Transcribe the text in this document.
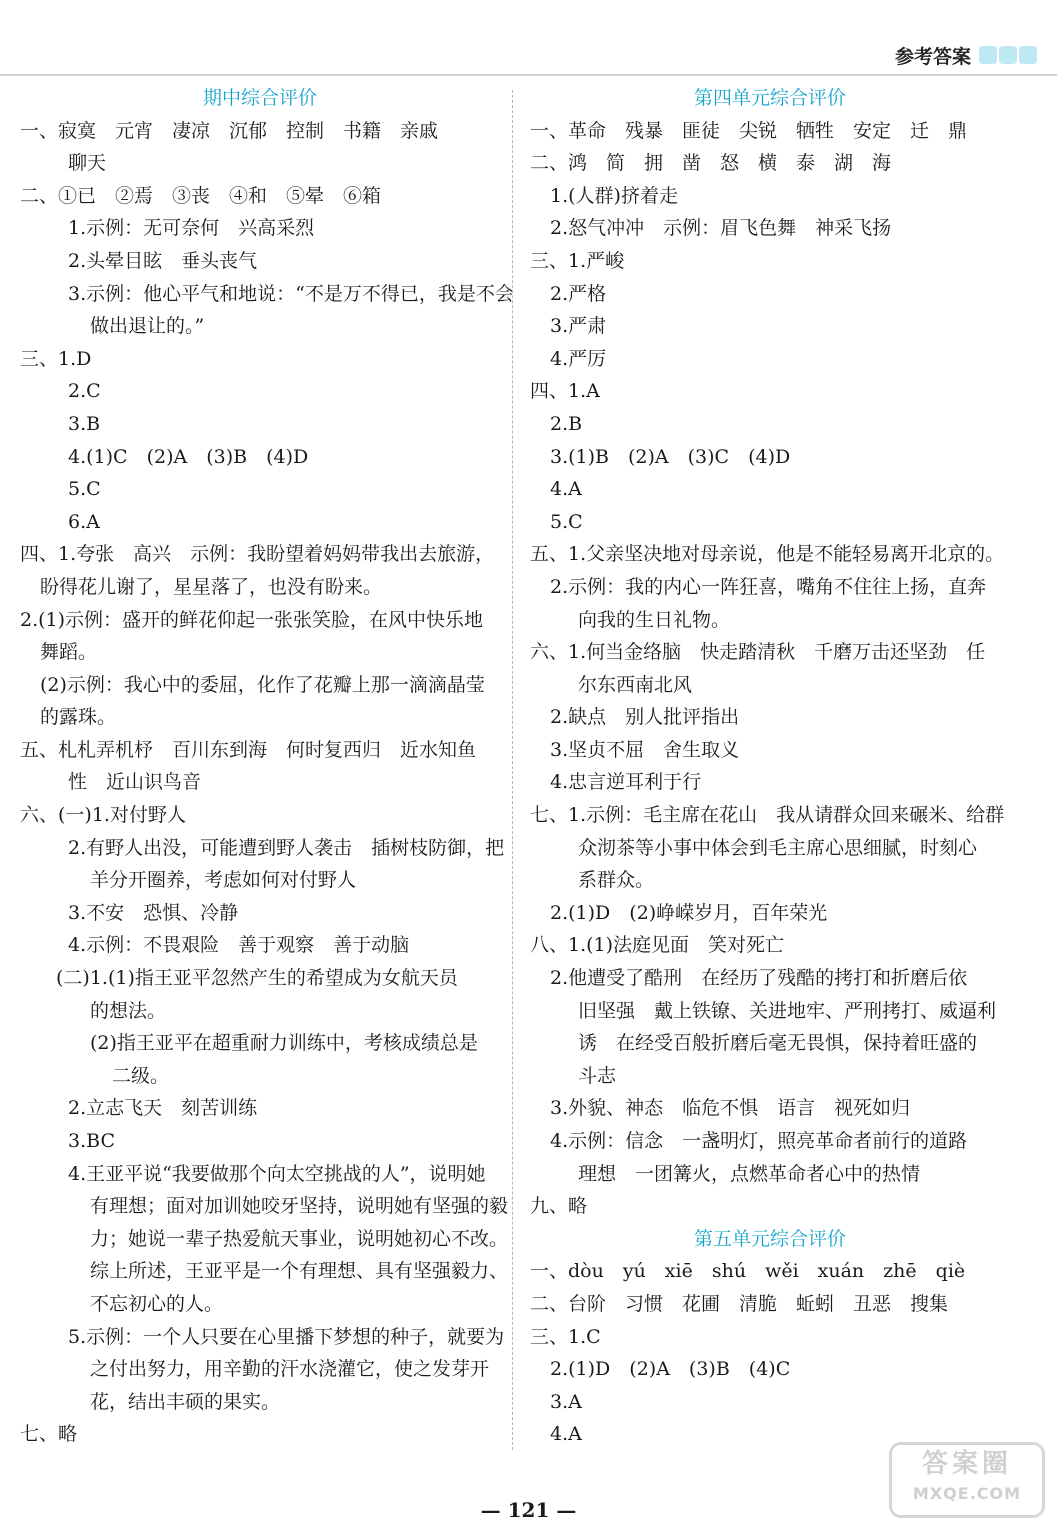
参考答案
期中综合评价
一、寂寞　元宵　凄凉　沉郁　控制　书籍　亲戚
聊天
二、①已　②焉　③丧　④和　⑤晕　⑥箱
1.示例：无可奈何　兴高采烈
2.头晕目眩　垂头丧气
3.示例：他心平气和地说：“不是万不得已，我是不会
做出退让的。”
三、1.D
2.C
3.B
4.(1)C　(2)A　(3)B　(4)D
5.C
6.A
四、1.夸张　高兴　示例：我盼望着妈妈带我出去旅游，
盼得花儿谢了，星星落了，也没有盼来。
2.(1)示例：盛开的鲜花仰起一张张笑脸，在风中快乐地
舞蹈。
(2)示例：我心中的委屈，化作了花瓣上那一滴滴晶莹
的露珠。
五、札札弄机杼　百川东到海　何时复西归　近水知鱼
性　近山识鸟音
六、(一)1.对付野人
2.有野人出没，可能遭到野人袭击　插树枝防御，把
羊分开圈养，考虑如何对付野人
3.不安　恐惧、冷静
4.示例：不畏艰险　善于观察　善于动脑
(二)1.(1)指王亚平忽然产生的希望成为女航天员
的想法。
(2)指王亚平在超重耐力训练中，考核成绩总是
二级。
2.立志飞天　刻苦训练
3.BC
4.王亚平说“我要做那个向太空挑战的人”，说明她
有理想；面对加训她咬牙坚持，说明她有坚强的毅
力；她说一辈子热爱航天事业，说明她初心不改。
综上所述，王亚平是一个有理想、具有坚强毅力、
不忘初心的人。
5.示例：一个人只要在心里播下梦想的种子，就要为
之付出努力，用辛勤的汗水浇灌它，使之发芽开
花，结出丰硕的果实。
七、略
第四单元综合评价
一、革命　残暴　匪徒　尖锐　牺牲　安定　迁　鼎
二、鸿　简　拥　凿　怒　横　泰　湖　海
1.(人群)挤着走
2.怒气冲冲　示例：眉飞色舞　神采飞扬
三、1.严峻
2.严格
3.严肃
4.严厉
四、1.A
2.B
3.(1)B　(2)A　(3)C　(4)D
4.A
5.C
五、1.父亲坚决地对母亲说，他是不能轻易离开北京的。
2.示例：我的内心一阵狂喜，嘴角不住往上扬，直奔
向我的生日礼物。
六、1.何当金络脑　快走踏清秋　千磨万击还坚劲　任
尔东西南北风
2.缺点　别人批评指出
3.坚贞不屈　舍生取义
4.忠言逆耳利于行
七、1.示例：毛主席在花山　我从请群众回来碾米、给群
众沏茶等小事中体会到毛主席心思细腻，时刻心
系群众。
2.(1)D　(2)峥嵘岁月，百年荣光
八、1.(1)法庭见面　笑对死亡
2.他遭受了酷刑　在经历了残酷的拷打和折磨后依
旧坚强　戴上铁镣、关进地牢、严刑拷打、威逼利
诱　在经受百般折磨后毫无畏惧，保持着旺盛的
斗志
3.外貌、神态　临危不惧　语言　视死如归
4.示例：信念　一盏明灯，照亮革命者前行的道路
理想　一团篝火，点燃革命者心中的热情
九、略
第五单元综合评价
一、dòu　yú　xiē　shú　wěi　xuán　zhē　qiè
二、台阶　习惯　花圃　清脆　蚯蚓　丑恶　搜集
三、1.C
2.(1)D　(2)A　(3)B　(4)C
3.A
4.A
— 121 —
答案圈
MXQE.COM
